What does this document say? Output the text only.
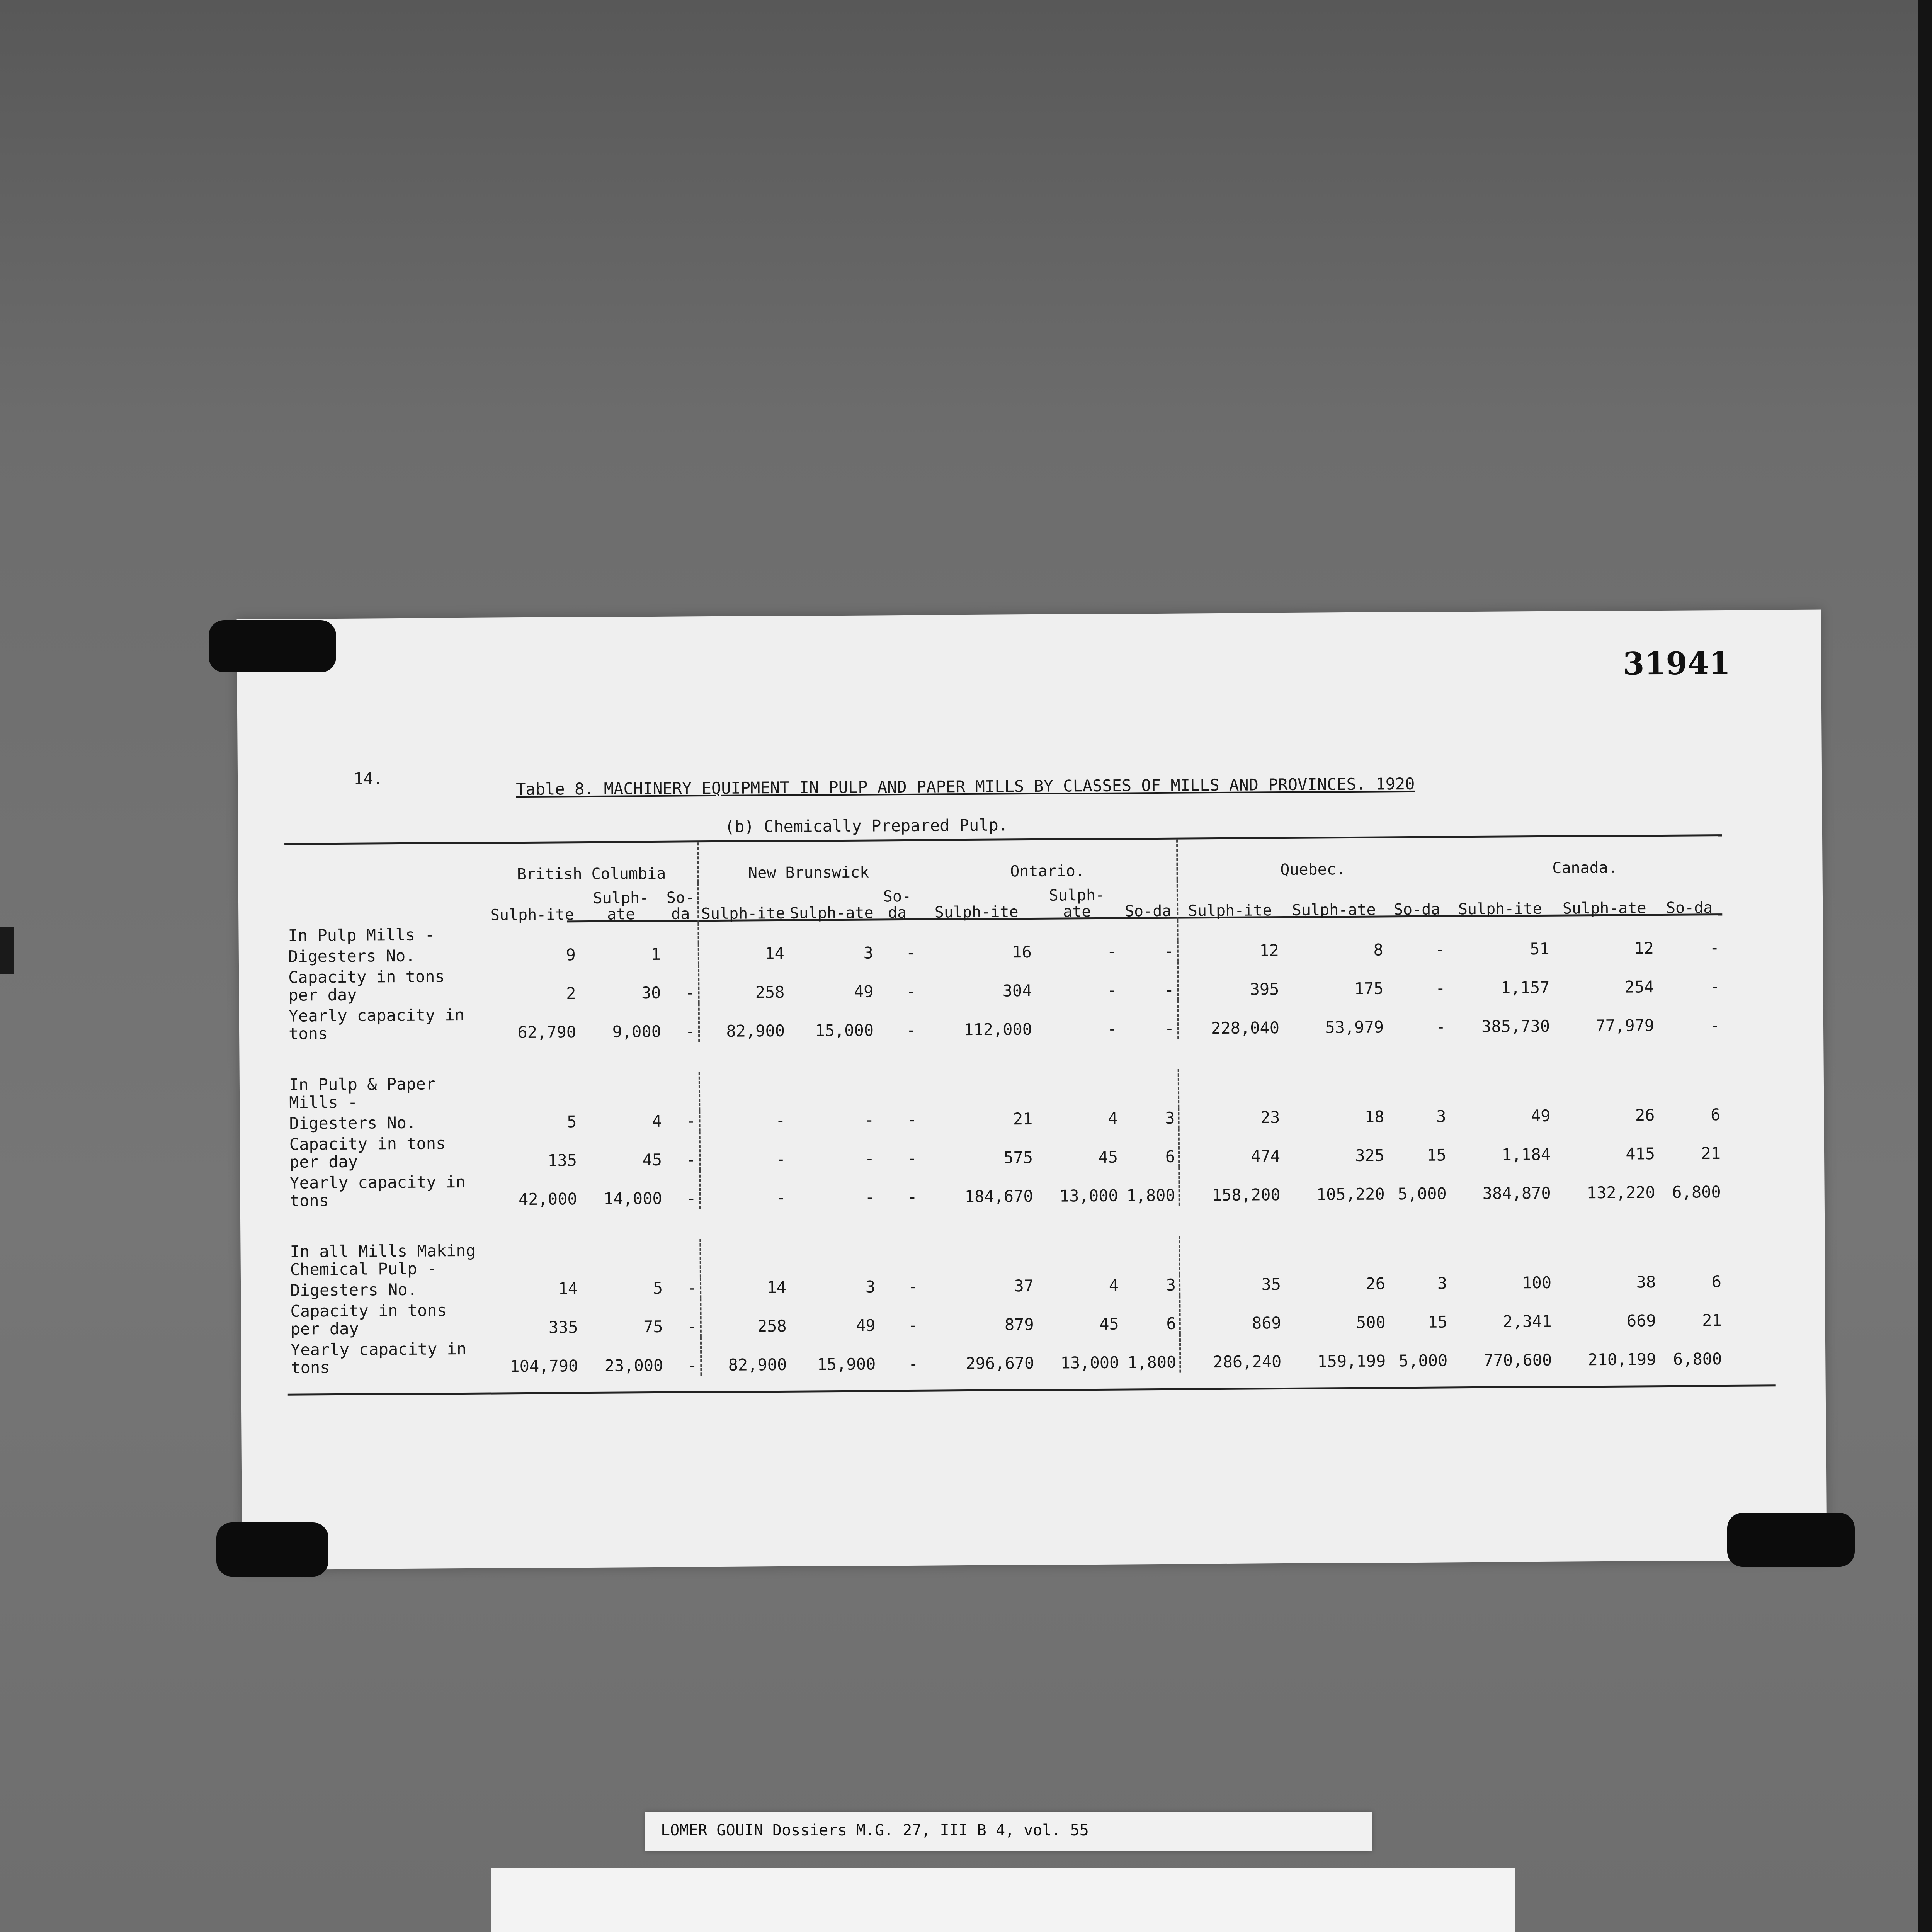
31941
14.	Table 8. MACHINERY EQUIPMENT IN PULP AND PAPER MILLS BY CLASSES OF MILLS AND PROVINCES. 1920
(b) Chemically Prepared Pulp.
	British Columbia			New Brunswick			Ontario.			Quebec.			Canada.		
	Sulph-ite	Sulph-ate	So-da	Sulph-ite	Sulph-ate	So-da	Sulph-ite	Sulph-ate	So-da	Sulph-ite	Sulph-ate	So-da	Sulph-ite	Sulph-ate	So-da
In Pulp Mills -															
Digesters No.	9	1		14	3	-	16	-	-	12	8	-	51	12	-
Capacity in tons per day	2	30	-	258	49	-	304	-	-	395	175	-	1,157	254	-
Yearly capacity in tons	62,790	9,000	-	82,900	15,000	-	112,000	-	-	228,040	53,979	-	385,730	77,979	-

In Pulp & Paper Mills -															
Digesters No.	5	4	-	-	-	-	21	4	3	23	18	3	49	26	6
Capacity in tons per day	135	45	-	-	-	-	575	45	6	474	325	15	1,184	415	21
Yearly capacity in tons	42,000	14,000	-	-	-	-	184,670	13,000	1,800	158,200	105,220	5,000	384,870	132,220	6,800

In all Mills Making Chemical Pulp -															
Digesters No.	14	5	-	14	3	-	37	4	3	35	26	3	100	38	6
Capacity in tons per day	335	75	-	258	49	-	879	45	6	869	500	15	2,341	669	21
Yearly capacity in tons	104,790	23,000	-	82,900	15,900	-	296,670	13,000	1,800	286,240	159,199	5,000	770,600	210,199	6,800
LOMER GOUIN Dossiers M.G. 27, III B 4, vol. 55
